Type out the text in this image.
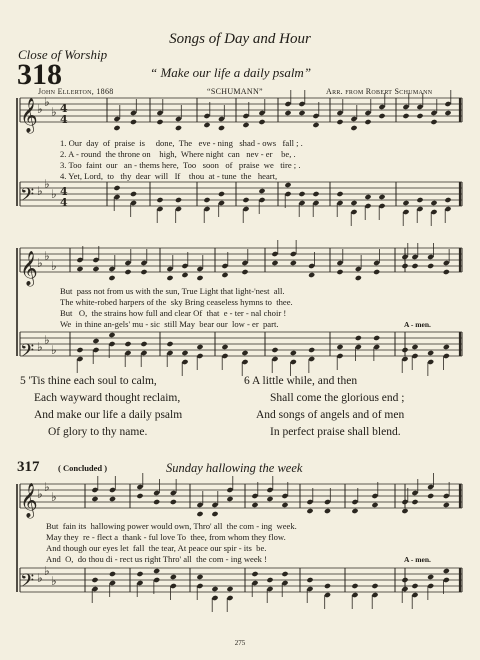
Songs of Day and Hour
Close of Worship
318	“ Make our life a daily psalm”
John Ellerton, 1868	“SCHUMANN”	Arr. from Robert Schumann
𝄞
𝄢
𝄞
𝄢
𝄞
𝄢
4
4
4
4
♭ ♭
♭
♭ ♭
♭
♭ ♭
♭
♭ ♭
♭
♭ ♭
♭
♭ ♭
♭
1. Our  day  of  praise  is     done,  The   eve - ning   shad - ows   fall ; .
2. A - round  the throne on    high,  Where night  can   nev - er    be, .
3. Too  faint  our   an - thems here,  Too   soon   of   praise  we   tire ; .
4. Yet, Lord,  to   thy  dear  will   If    thou  at - tune  the   heart,
But  pass not from us with the sun, True Light that light-'nest  all.
The white-robed harpers of the  sky Bring ceaseless hymns to  thee.
But   O,  the strains how full and clear Of  that  e - ter - nal choir !
We  in thine an-gels' mu - sic  still May  bear our  low - er  part.	A - men.
5 'Tis thine each soul to calm,
Each wayward thought reclaim,
And make our life a daily psalm
Of glory to thy name.
6 A little while, and then
Shall come the glorious end ;
And songs of angels and of men
In perfect praise shall blend.
317 ( Concluded )	Sunday hallowing the week
But  fain its  hallowing power would own, Thro' all  the com - ing  week.
May they  re - flect a  thank - ful love To  thee, from whom they flow.
And though our eyes let  fall  the tear, At peace our spir - its  be.
And  O,  do thou di - rect us right Thro' all  the com - ing week !	A - men.
275
